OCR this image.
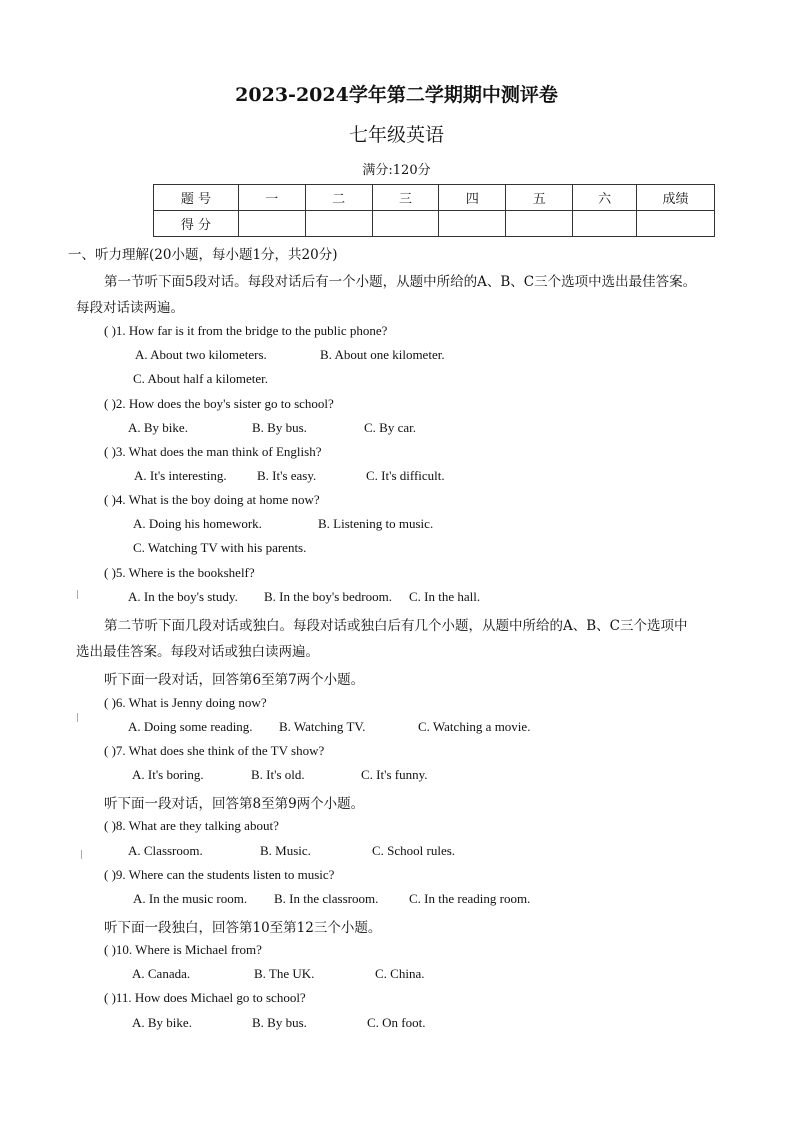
2023-2024学年第二学期期中测评卷
七年级英语
满分:120分
题 号	一	二	三	四	五	六	成绩
得 分							
一、听力理解(20小题，每小题1分，共20分)
第一节听下面5段对话。每段对话后有一个小题，从题中所给的A、B、C三个选项中选出最佳答案。
每段对话读两遍。
( )1. How far is it from the bridge to the public phone?
A. About two kilometers.	B. About one kilometer.
C. About half a kilometer.
( )2. How does the boy's sister go to school?
A. By bike.	B. By bus.	C. By car.
( )3. What does the man think of English?
A. It's interesting. B. It's easy.	C. It's difficult.
( )4. What is the boy doing at home now?
A. Doing his homework.	B. Listening to music.
C. Watching TV with his parents.
( )5. Where is the bookshelf?
A. In the boy's study. B. In the boy's bedroom. C. In the hall.
第二节听下面几段对话或独白。每段对话或独白后有几个小题，从题中所给的A、B、C三个选项中
选出最佳答案。每段对话或独白读两遍。
听下面一段对话，回答第6至第7两个小题。
( )6. What is Jenny doing now?
A. Doing some reading. B. Watching TV.	C. Watching a movie.
( )7. What does she think of the TV show?
A. It's boring.	B. It's old.	C. It's funny.
听下面一段对话，回答第8至第9两个小题。
( )8. What are they talking about?
A. Classroom.	B. Music.	C. School rules.
( )9. Where can the students listen to music?
A. In the music room. B. In the classroom. C. In the reading room.
听下面一段独白，回答第10至第12三个小题。
( )10. Where is Michael from?
A. Canada.	B. The UK.	C. China.
( )11. How does Michael go to school?
A. By bike.	B. By bus.	C. On foot.
